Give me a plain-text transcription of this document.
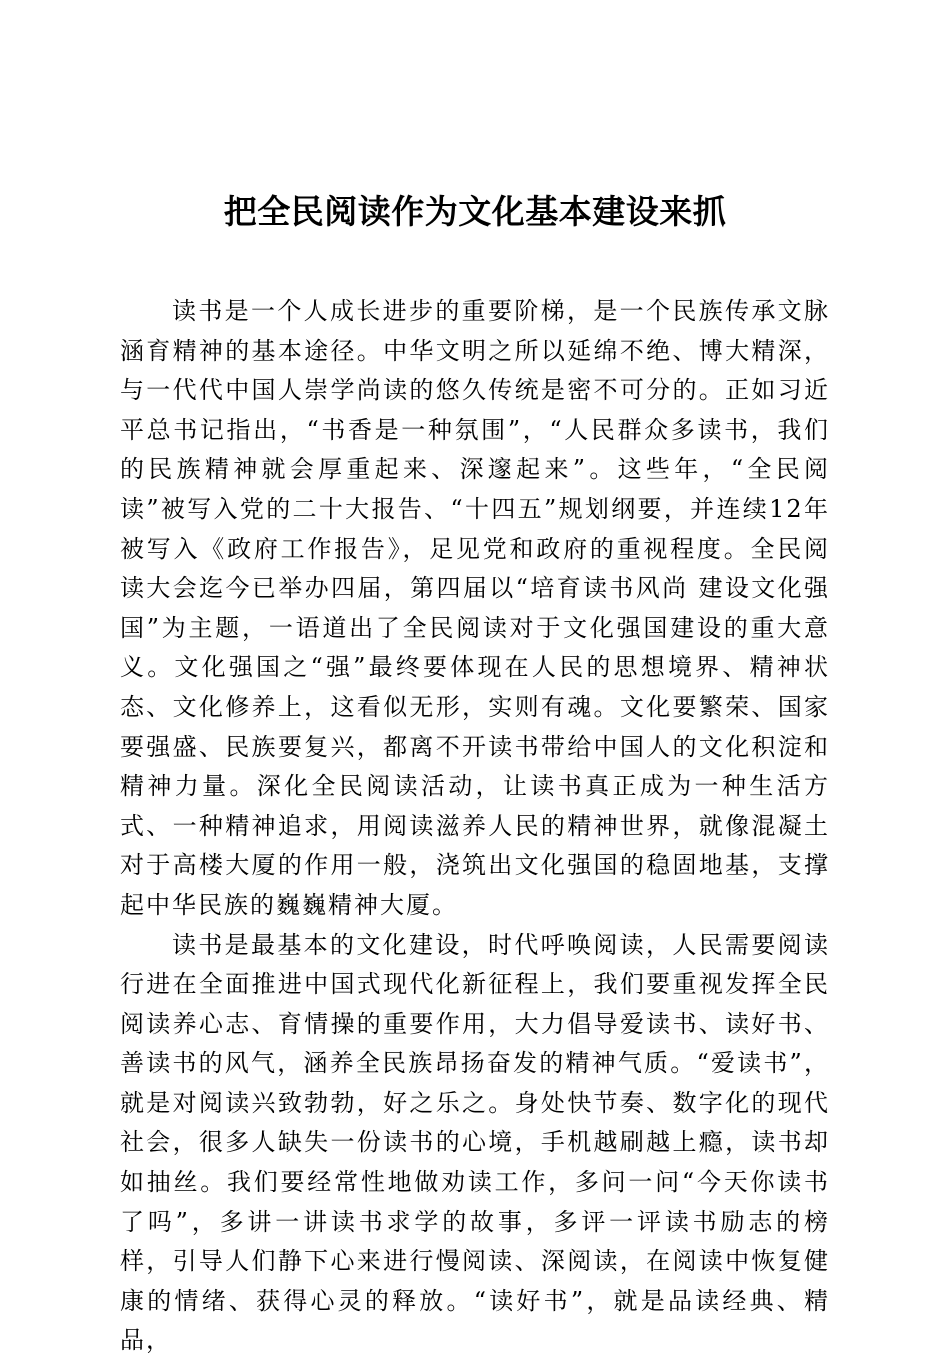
把全民阅读作为文化基本建设来抓

读书是一个人成长进步的重要阶梯，是一个民族传承文脉涵育精神的基本途径。中华文明之所以延绵不绝、博大精深，与一代代中国人崇学尚读的悠久传统是密不可分的。正如习近平总书记指出，“书香是一种氛围”，“人民群众多读书，我们的民族精神就会厚重起来、深邃起来”。这些年，“全民阅读”被写入党的二十大报告、“十四五”规划纲要，并连续12年被写入《政府工作报告》，足见党和政府的重视程度。全民阅读大会迄今已举办四届，第四届以“培育读书风尚 建设文化强国”为主题，一语道出了全民阅读对于文化强国建设的重大意义。文化强国之“强”最终要体现在人民的思想境界、精神状态、文化修养上，这看似无形，实则有魂。文化要繁荣、国家要强盛、民族要复兴，都离不开读书带给中国人的文化积淀和精神力量。深化全民阅读活动，让读书真正成为一种生活方式、一种精神追求，用阅读滋养人民的精神世界，就像混凝土对于高楼大厦的作用一般，浇筑出文化强国的稳固地基，支撑起中华民族的巍巍精神大厦。

读书是最基本的文化建设，时代呼唤阅读，人民需要阅读行进在全面推进中国式现代化新征程上，我们要重视发挥全民阅读养心志、育情操的重要作用，大力倡导爱读书、读好书、善读书的风气，涵养全民族昂扬奋发的精神气质。“爱读书”，就是对阅读兴致勃勃，好之乐之。身处快节奏、数字化的现代社会，很多人缺失一份读书的心境，手机越刷越上瘾，读书却如抽丝。我们要经常性地做劝读工作，多问一问“今天你读书了吗”，多讲一讲读书求学的故事，多评一评读书励志的榜样，引导人们静下心来进行慢阅读、深阅读，在阅读中恢复健康的情绪、获得心灵的释放。“读好书”，就是品读经典、精品，
